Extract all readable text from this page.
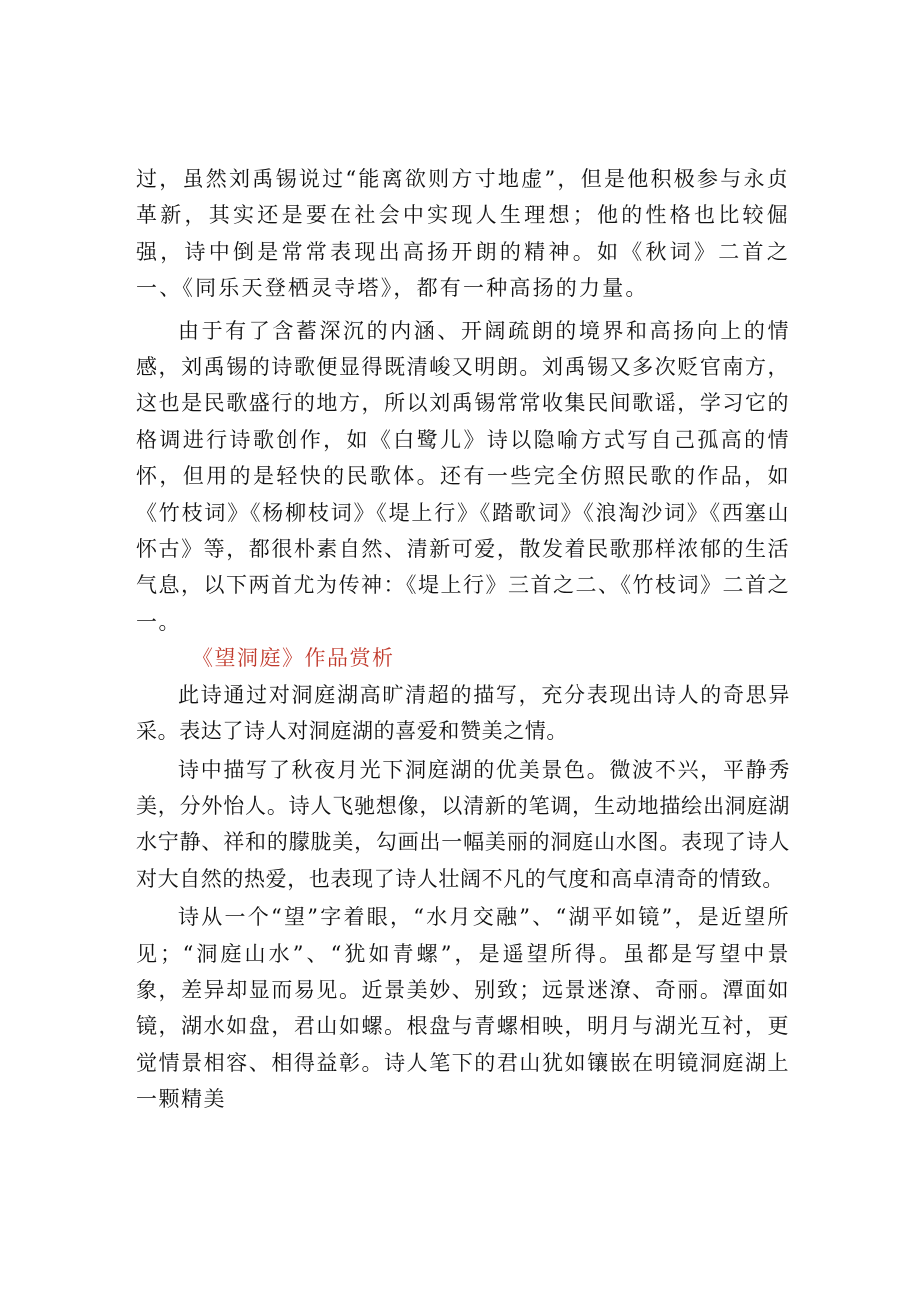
过，虽然刘禹锡说过“能离欲则方寸地虚”，但是他积极参与永贞革新，其实还是要在社会中实现人生理想；他的性格也比较倔强，诗中倒是常常表现出高扬开朗的精神。如《秋词》二首之一、《同乐天登栖灵寺塔》，都有一种高扬的力量。

由于有了含蓄深沉的内涵、开阔疏朗的境界和高扬向上的情感，刘禹锡的诗歌便显得既清峻又明朗。刘禹锡又多次贬官南方，这也是民歌盛行的地方，所以刘禹锡常常收集民间歌谣，学习它的格调进行诗歌创作，如《白鹭儿》诗以隐喻方式写自己孤高的情怀，但用的是轻快的民歌体。还有一些完全仿照民歌的作品，如《竹枝词》《杨柳枝词》《堤上行》《踏歌词》《浪淘沙词》《西塞山怀古》等，都很朴素自然、清新可爱，散发着民歌那样浓郁的生活气息，以下两首尤为传神：《堤上行》三首之二、《竹枝词》二首之一。

《望洞庭》作品赏析

此诗通过对洞庭湖高旷清超的描写，充分表现出诗人的奇思异采。表达了诗人对洞庭湖的喜爱和赞美之情。

诗中描写了秋夜月光下洞庭湖的优美景色。微波不兴，平静秀美，分外怡人。诗人飞驰想像，以清新的笔调，生动地描绘出洞庭湖水宁静、祥和的朦胧美，勾画出一幅美丽的洞庭山水图。表现了诗人对大自然的热爱，也表现了诗人壮阔不凡的气度和高卓清奇的情致。

诗从一个“望”字着眼，“水月交融”、“湖平如镜”，是近望所见；“洞庭山水”、“犹如青螺”，是遥望所得。虽都是写望中景象，差异却显而易见。近景美妙、别致；远景迷潦、奇丽。潭面如镜，湖水如盘，君山如螺。根盘与青螺相映，明月与湖光互衬，更觉情景相容、相得益彰。诗人笔下的君山犹如镶嵌在明镜洞庭湖上一颗精美
